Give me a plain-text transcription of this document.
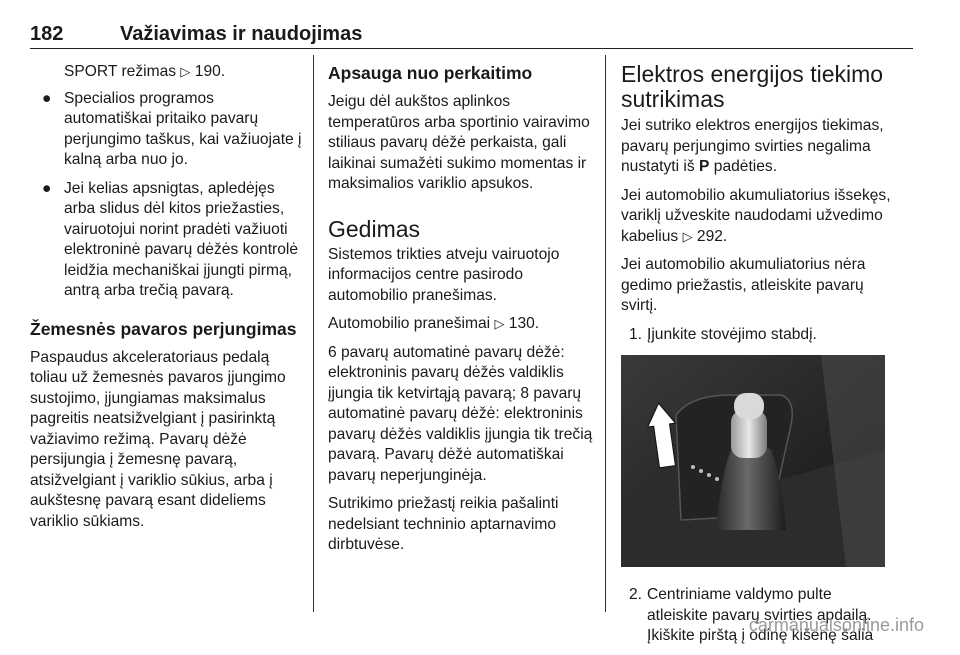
182	Važiavimas ir naudojimas

SPORT režimas ▷ 190.

● Specialios programos automatiškai pritaiko pavarų perjungimo taškus, kai važiuojate į kalną arba nuo jo.
● Jei kelias apsnigtas, apledėjęs arba slidus dėl kitos priežasties, vairuotojui norint pradėti važiuoti elektroninė pavarų dėžės kontrolė leidžia mechaniškai įjungti pirmą, antrą arba trečią pavarą.
Žemesnės pavaros perjungimas

Paspaudus akceleratoriaus pedalą toliau už žemesnės pavaros įjungimo sustojimo, įjungiamas maksimalus pagreitis neatsižvelgiant į pasirinktą važiavimo režimą. Pavarų dėžė persijungia į žemesnę pavarą, atsižvelgiant į variklio sūkius, arba į aukštesnę pavarą esant dideliems variklio sūkiams.

Apsauga nuo perkaitimo

Jeigu dėl aukštos aplinkos temperatūros arba sportinio vairavimo stiliaus pavarų dėžė perkaista, gali laikinai sumažėti sukimo momentas ir maksimalios variklio apsukos.

Gedimas

Sistemos trikties atveju vairuotojo informacijos centre pasirodo automobilio pranešimas.

Automobilio pranešimai ▷ 130.

6 pavarų automatinė pavarų dėžė: elektroninis pavarų dėžės valdiklis įjungia tik ketvirtąją pavarą; 8 pavarų automatinė pavarų dėžė: elektroninis pavarų dėžės valdiklis įjungia tik trečią pavarą. Pavarų dėžė automatiškai pavarų neperjunginėja.

Sutrikimo priežastį reikia pašalinti nedelsiant techninio aptarnavimo dirbtuvėse.

Elektros energijos tiekimo sutrikimas

Jei sutriko elektros energijos tiekimas, pavarų perjungimo svirties negalima nustatyti iš P padėties.

Jei automobilio akumuliatorius išsekęs, variklį užveskite naudodami užvedimo kabelius ▷ 292.

Jei automobilio akumuliatorius nėra gedimo priežastis, atleiskite pavarų svirtį.

1. Įjunkite stovėjimo stabdį.
2. Centriniame valdymo pulte atleiskite pavarų svirties apdailą. Įkiškite pirštą į odinę kišenę šalia
carmanualsonline.info
